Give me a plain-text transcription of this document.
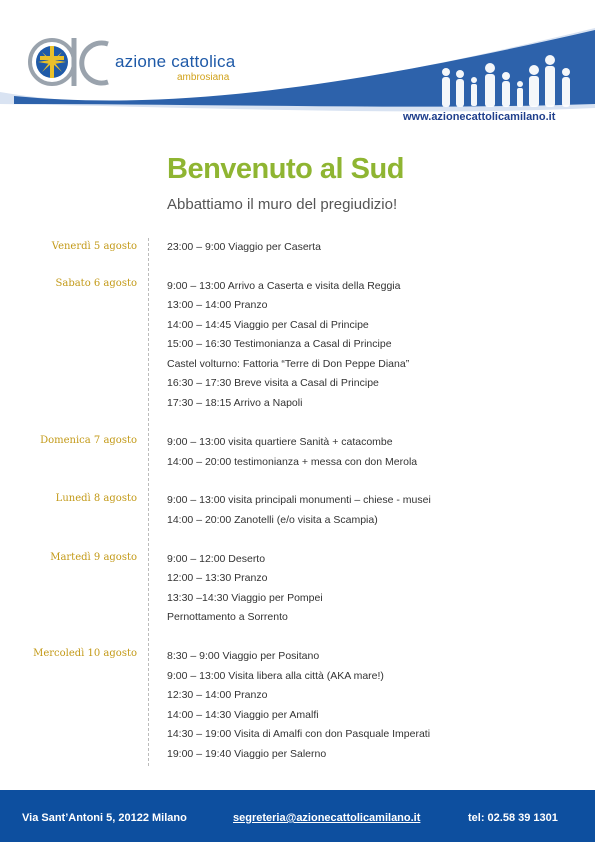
azione cattolica
ambrosiana
www.azionecattolicamilano.it
Benvenuto al Sud
Abbattiamo il muro del pregiudizio!
Venerdì 5 agosto	23:00 – 9:00 Viaggio per Caserta
Sabato 6 agosto	9:00 – 13:00 Arrivo a Caserta e visita della Reggia
13:00 – 14:00 Pranzo
14:00 – 14:45 Viaggio per Casal di Principe
15:00 – 16:30 Testimonianza a Casal di Principe
Castel volturno: Fattoria “Terre di Don Peppe Diana”
16:30 – 17:30 Breve visita a Casal di Principe
17:30 – 18:15 Arrivo a Napoli
Domenica 7 agosto	9:00 – 13:00 visita quartiere Sanità + catacombe
14:00 – 20:00 testimonianza + messa con don Merola
Lunedì 8 agosto	9:00 – 13:00 visita principali monumenti – chiese - musei
14:00 – 20:00 Zanotelli (e/o visita a Scampia)
Martedì 9 agosto	9:00 – 12:00 Deserto
12:00 – 13:30 Pranzo
13:30 –14:30 Viaggio per Pompei
Pernottamento a Sorrento
Mercoledì 10 agosto	8:30 – 9:00 Viaggio per Positano
9:00 – 13:00 Visita libera alla città (AKA mare!)
12:30 – 14:00 Pranzo
14:00 – 14:30 Viaggio per Amalfi
14:30 – 19:00 Visita di Amalfi con don Pasquale Imperati
19:00 – 19:40 Viaggio per Salerno
Via Sant’Antoni 5, 20122 Milano	segreteria@azionecattolicamilano.it	tel: 02.58 39 1301
